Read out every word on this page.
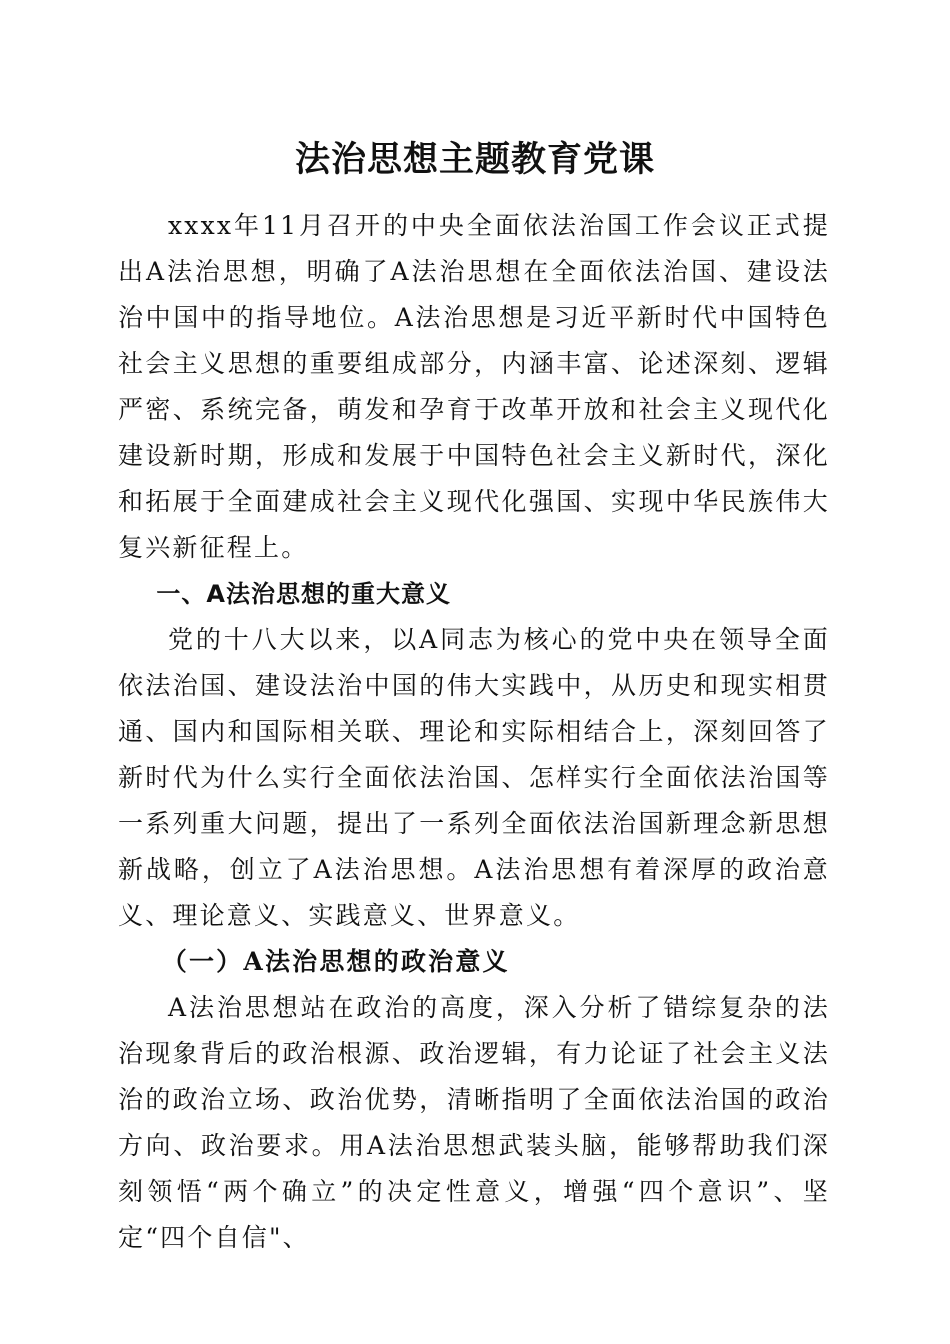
法治思想主题教育党课

xxxx年11月召开的中央全面依法治国工作会议正式提出A法治思想，明确了A法治思想在全面依法治国、建设法治中国中的指导地位。A法治思想是习近平新时代中国特色社会主义思想的重要组成部分，内涵丰富、论述深刻、逻辑严密、系统完备，萌发和孕育于改革开放和社会主义现代化建设新时期，形成和发展于中国特色社会主义新时代，深化和拓展于全面建成社会主义现代化强国、实现中华民族伟大复兴新征程上。

一、A法治思想的重大意义

党的十八大以来，以A同志为核心的党中央在领导全面依法治国、建设法治中国的伟大实践中，从历史和现实相贯通、国内和国际相关联、理论和实际相结合上，深刻回答了新时代为什么实行全面依法治国、怎样实行全面依法治国等一系列重大问题，提出了一系列全面依法治国新理念新思想新战略，创立了A法治思想。A法治思想有着深厚的政治意义、理论意义、实践意义、世界意义。

（一）A法治思想的政治意义

A法治思想站在政治的高度，深入分析了错综复杂的法治现象背后的政治根源、政治逻辑，有力论证了社会主义法治的政治立场、政治优势，清晰指明了全面依法治国的政治方向、政治要求。用A法治思想武装头脑，能够帮助我们深刻领悟“两个确立”的决定性意义，增强“四个意识”、坚定“四个自信"、
